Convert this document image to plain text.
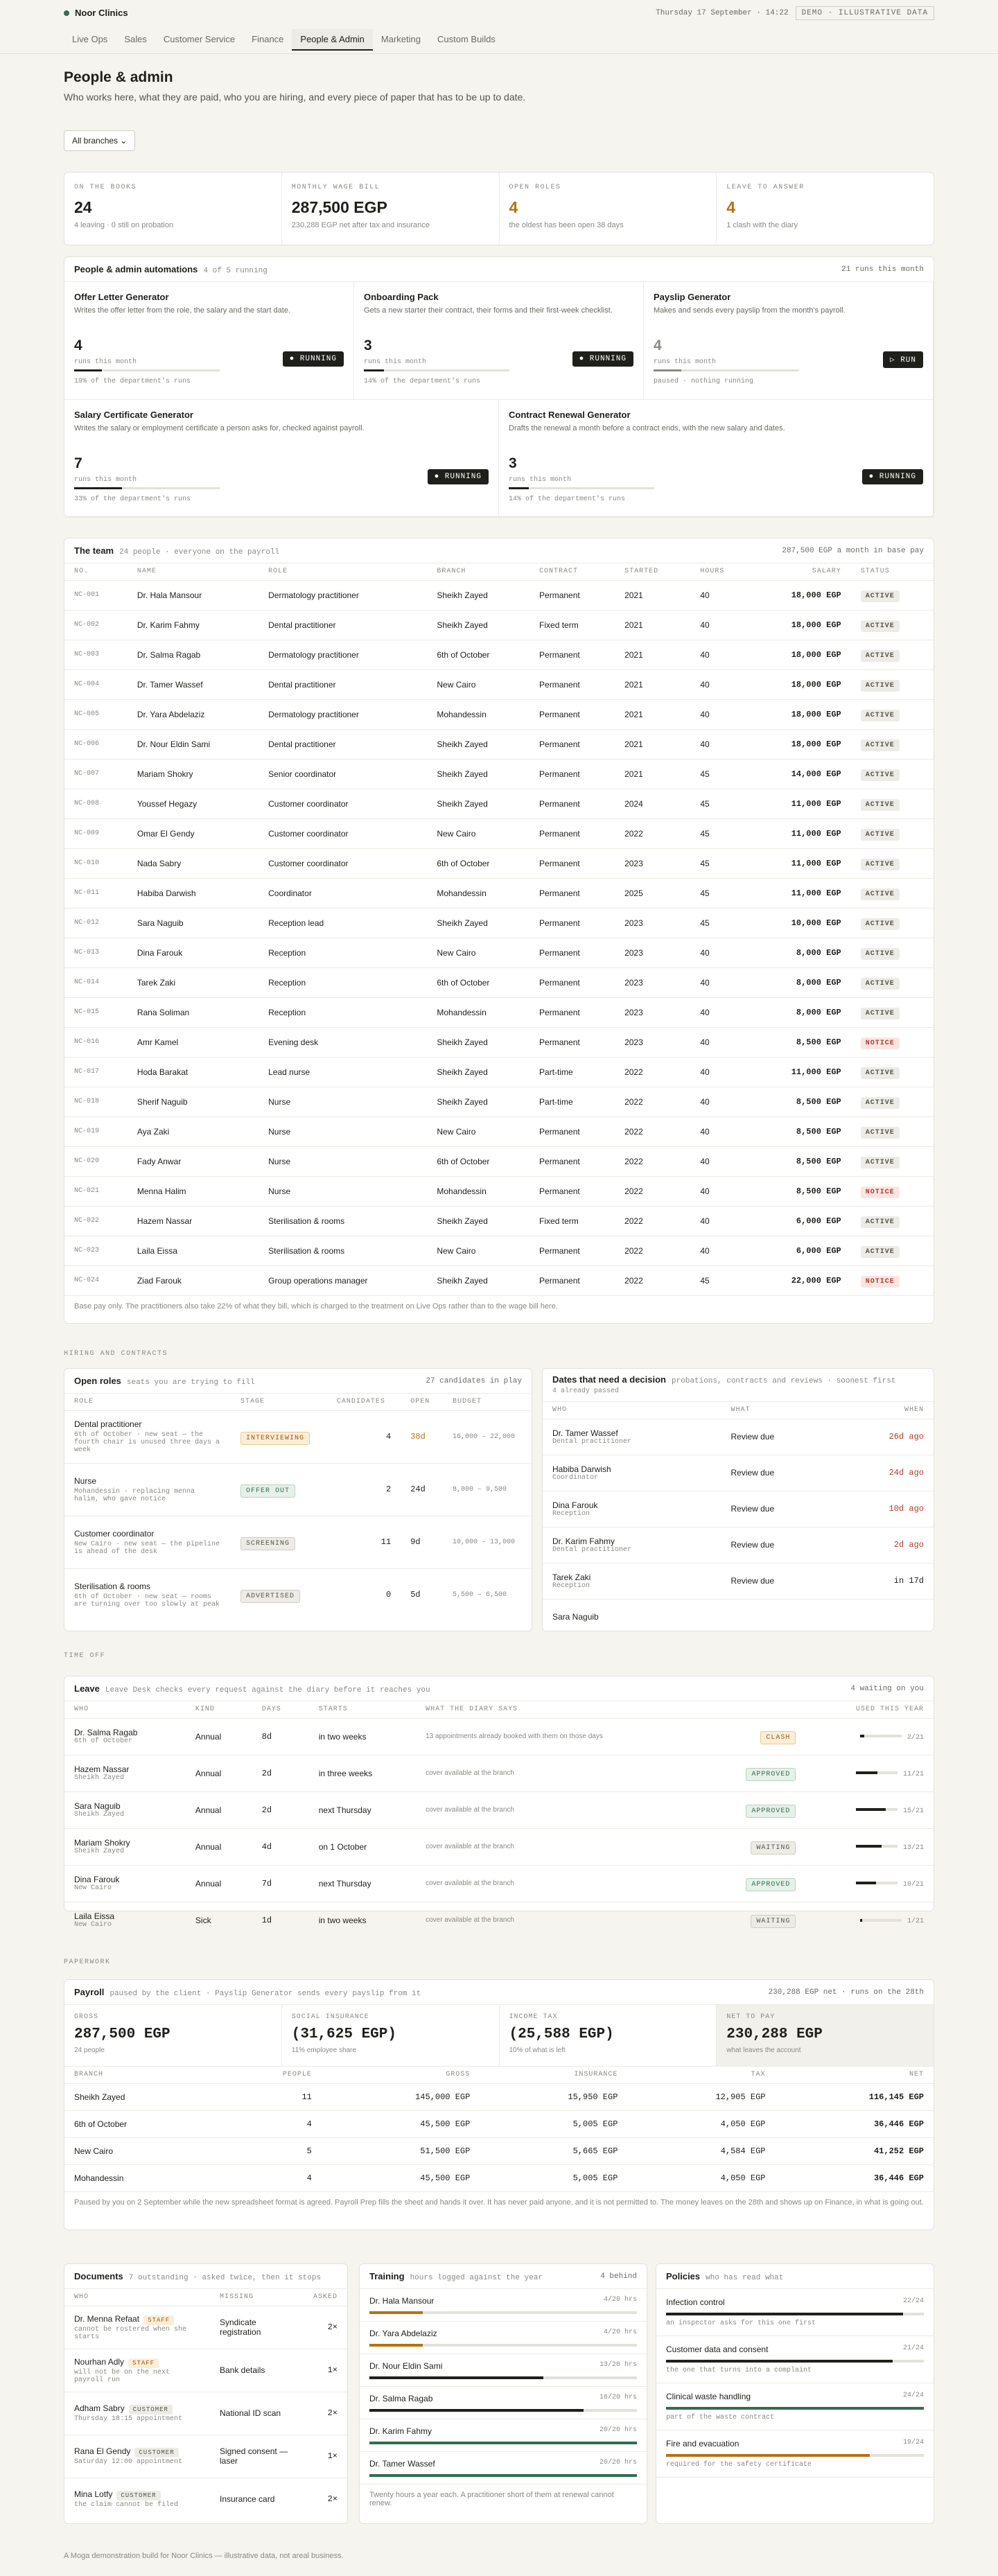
Noor Clinics	Thursday 17 September · 14:22	DEMO · ILLUSTRATIVE DATA
Live Ops	Sales	Customer Service	Finance	People & Admin	Marketing	Custom Builds
People & admin

Who works here, what they are paid, who you are hiring, and every piece of paper that has to be up to date.

All branches ⌄
ON THE BOOKS
24
4 leaving · 0 still on probation
MONTHLY WAGE BILL
287,500 EGP
230,288 EGP net after tax and insurance
OPEN ROLES
4
the oldest has been open 38 days
LEAVE TO ANSWER
4
1 clash with the diary
People & admin automations 4 of 5 running	21 runs this month
Offer Letter Generator
Writes the offer letter from the role, the salary and the start date.
4
runs this month
19% of the department's runs
● RUNNING
Onboarding Pack
Gets a new starter their contract, their forms and their first-week checklist.
3
runs this month
14% of the department's runs
● RUNNING
Payslip Generator
Makes and sends every payslip from the month's payroll.
4
runs this month
paused · nothing running
▷ RUN
Salary Certificate Generator
Writes the salary or employment certificate a person asks for, checked against payroll.
7
runs this month
33% of the department's runs
● RUNNING
Contract Renewal Generator
Drafts the renewal a month before a contract ends, with the new salary and dates.
3
runs this month
14% of the department's runs
● RUNNING
The team 24 people · everyone on the payroll	287,500 EGP a month in base pay
NO.	NAME	ROLE	BRANCH	CONTRACT	STARTED	HOURS	SALARY	STATUS
NC-001	Dr. Hala Mansour	Dermatology practitioner	Sheikh Zayed	Permanent	2021	40	18,000 EGP	ACTIVE
NC-002	Dr. Karim Fahmy	Dental practitioner	Sheikh Zayed	Fixed term	2021	40	18,000 EGP	ACTIVE
NC-003	Dr. Salma Ragab	Dermatology practitioner	6th of October	Permanent	2021	40	18,000 EGP	ACTIVE
NC-004	Dr. Tamer Wassef	Dental practitioner	New Cairo	Permanent	2021	40	18,000 EGP	ACTIVE
NC-005	Dr. Yara Abdelaziz	Dermatology practitioner	Mohandessin	Permanent	2021	40	18,000 EGP	ACTIVE
NC-006	Dr. Nour Eldin Sami	Dental practitioner	Sheikh Zayed	Permanent	2021	40	18,000 EGP	ACTIVE
NC-007	Mariam Shokry	Senior coordinator	Sheikh Zayed	Permanent	2021	45	14,000 EGP	ACTIVE
NC-008	Youssef Hegazy	Customer coordinator	Sheikh Zayed	Permanent	2024	45	11,000 EGP	ACTIVE
NC-009	Omar El Gendy	Customer coordinator	New Cairo	Permanent	2022	45	11,000 EGP	ACTIVE
NC-010	Nada Sabry	Customer coordinator	6th of October	Permanent	2023	45	11,000 EGP	ACTIVE
NC-011	Habiba Darwish	Coordinator	Mohandessin	Permanent	2025	45	11,000 EGP	ACTIVE
NC-012	Sara Naguib	Reception lead	Sheikh Zayed	Permanent	2023	45	10,000 EGP	ACTIVE
NC-013	Dina Farouk	Reception	New Cairo	Permanent	2023	40	8,000 EGP	ACTIVE
NC-014	Tarek Zaki	Reception	6th of October	Permanent	2023	40	8,000 EGP	ACTIVE
NC-015	Rana Soliman	Reception	Mohandessin	Permanent	2023	40	8,000 EGP	ACTIVE
NC-016	Amr Kamel	Evening desk	Sheikh Zayed	Permanent	2023	40	8,500 EGP	NOTICE
NC-017	Hoda Barakat	Lead nurse	Sheikh Zayed	Part-time	2022	40	11,000 EGP	ACTIVE
NC-018	Sherif Naguib	Nurse	Sheikh Zayed	Part-time	2022	40	8,500 EGP	ACTIVE
NC-019	Aya Zaki	Nurse	New Cairo	Permanent	2022	40	8,500 EGP	ACTIVE
NC-020	Fady Anwar	Nurse	6th of October	Permanent	2022	40	8,500 EGP	ACTIVE
NC-021	Menna Halim	Nurse	Mohandessin	Permanent	2022	40	8,500 EGP	NOTICE
NC-022	Hazem Nassar	Sterilisation & rooms	Sheikh Zayed	Fixed term	2022	40	6,000 EGP	ACTIVE
NC-023	Laila Eissa	Sterilisation & rooms	New Cairo	Permanent	2022	40	6,000 EGP	ACTIVE
NC-024	Ziad Farouk	Group operations manager	Sheikh Zayed	Permanent	2022	45	22,000 EGP	NOTICE
Base pay only. The practitioners also take 22% of what they bill, which is charged to the treatment on Live Ops rather than to the wage bill here.
HIRING AND CONTRACTS
Open roles seats you are trying to fill	27 candidates in play
ROLE	STAGE	CANDIDATES	OPEN	BUDGET

Dental practitioner
6th of October · new seat — the fourth chair is unused three days a week	INTERVIEWING	4	38d	16,000 – 22,000

Nurse
Mohandessin · replacing menna halim, who gave notice	OFFER OUT	2	24d	8,000 – 9,500

Customer coordinator
New Cairo · new seat — the pipeline is ahead of the desk	SCREENING	11	9d	10,000 – 13,000

Sterilisation & rooms
6th of October · new seat — rooms are turning over too slowly at peak	ADVERTISED	0	5d	5,500 – 6,500
Dates that need a decision probations, contracts and reviews · soonest first
4 already passed
WHO	WHAT	WHEN

Dr. Tamer Wassef
Dental practitioner	Review due	26d ago

Habiba Darwish
Coordinator	Review due	24d ago

Dina Farouk
Reception	Review due	10d ago

Dr. Karim Fahmy
Dental practitioner	Review due	2d ago

Tarek Zaki
Reception	Review due	in 17d

Sara Naguib		

TIME OFF
Leave Leave Desk checks every request against the diary before it reaches you	4 waiting on you
WHO	KIND	DAYS	STARTS	WHAT THE DIARY SAYS		USED THIS YEAR

Dr. Salma Ragab
6th of October	Annual	8d	in two weeks	13 appointments already booked with them on those days	CLASH	2/21

Hazem Nassar
Sheikh Zayed	Annual	2d	in three weeks	cover available at the branch	APPROVED	11/21

Sara Naguib
Sheikh Zayed	Annual	2d	next Thursday	cover available at the branch	APPROVED	15/21

Mariam Shokry
Sheikh Zayed	Annual	4d	on 1 October	cover available at the branch	WAITING	13/21

Dina Farouk
New Cairo	Annual	7d	next Thursday	cover available at the branch	APPROVED	10/21

Laila Eissa
New Cairo	Sick	1d	in two weeks	cover available at the branch	WAITING	1/21
PAPERWORK
Payroll paused by the client · Payslip Generator sends every payslip from it	230,288 EGP net · runs on the 28th
GROSS
287,500 EGP
24 people
SOCIAL INSURANCE
(31,625 EGP)
11% employee share
INCOME TAX
(25,588 EGP)
10% of what is left
NET TO PAY
230,288 EGP
what leaves the account
BRANCH	PEOPLE	GROSS	INSURANCE	TAX	NET
Sheikh Zayed	11	145,000 EGP	15,950 EGP	12,905 EGP	116,145 EGP
6th of October	4	45,500 EGP	5,005 EGP	4,050 EGP	36,446 EGP
New Cairo	5	51,500 EGP	5,665 EGP	4,584 EGP	41,252 EGP
Mohandessin	4	45,500 EGP	5,005 EGP	4,050 EGP	36,446 EGP
Paused by you on 2 September while the new spreadsheet format is agreed. Payroll Prep fills the sheet and hands it over. It has never paid anyone, and it is not permitted to. The money leaves on the 28th and shows up on Finance, in what is going out.
Documents 7 outstanding · asked twice, then it stops
WHO	MISSING	ASKED

Dr. Menna Refaat STAFF
cannot be rostered when she starts	Syndicate registration	2×

Nourhan Adly STAFF
will not be on the next payroll run	Bank details	1×

Adham Sabry CUSTOMER
Thursday 18:15 appointment	National ID scan	2×

Rana El Gendy CUSTOMER
Saturday 12:00 appointment	Signed consent — laser	1×

Mina Lotfy CUSTOMER
the claim cannot be filed	Insurance card	2×
Training hours logged against the year	4 behind
Dr. Hala Mansour	4/20 hrs
Dr. Yara Abdelaziz	4/20 hrs
Dr. Nour Eldin Sami	13/20 hrs
Dr. Salma Ragab	16/20 hrs
Dr. Karim Fahmy	20/20 hrs
Dr. Tamer Wassef	20/20 hrs
Twenty hours a year each. A practitioner short of them at renewal cannot renew.
Policies who has read what
Infection control	22/24
an inspector asks for this one first
Customer data and consent	21/24
the one that turns into a complaint
Clinical waste handling	24/24
part of the waste contract
Fire and evacuation	19/24
required for the safety certificate
A Moga demonstration build for Noor Clinics — illustrative data, not areal business.
